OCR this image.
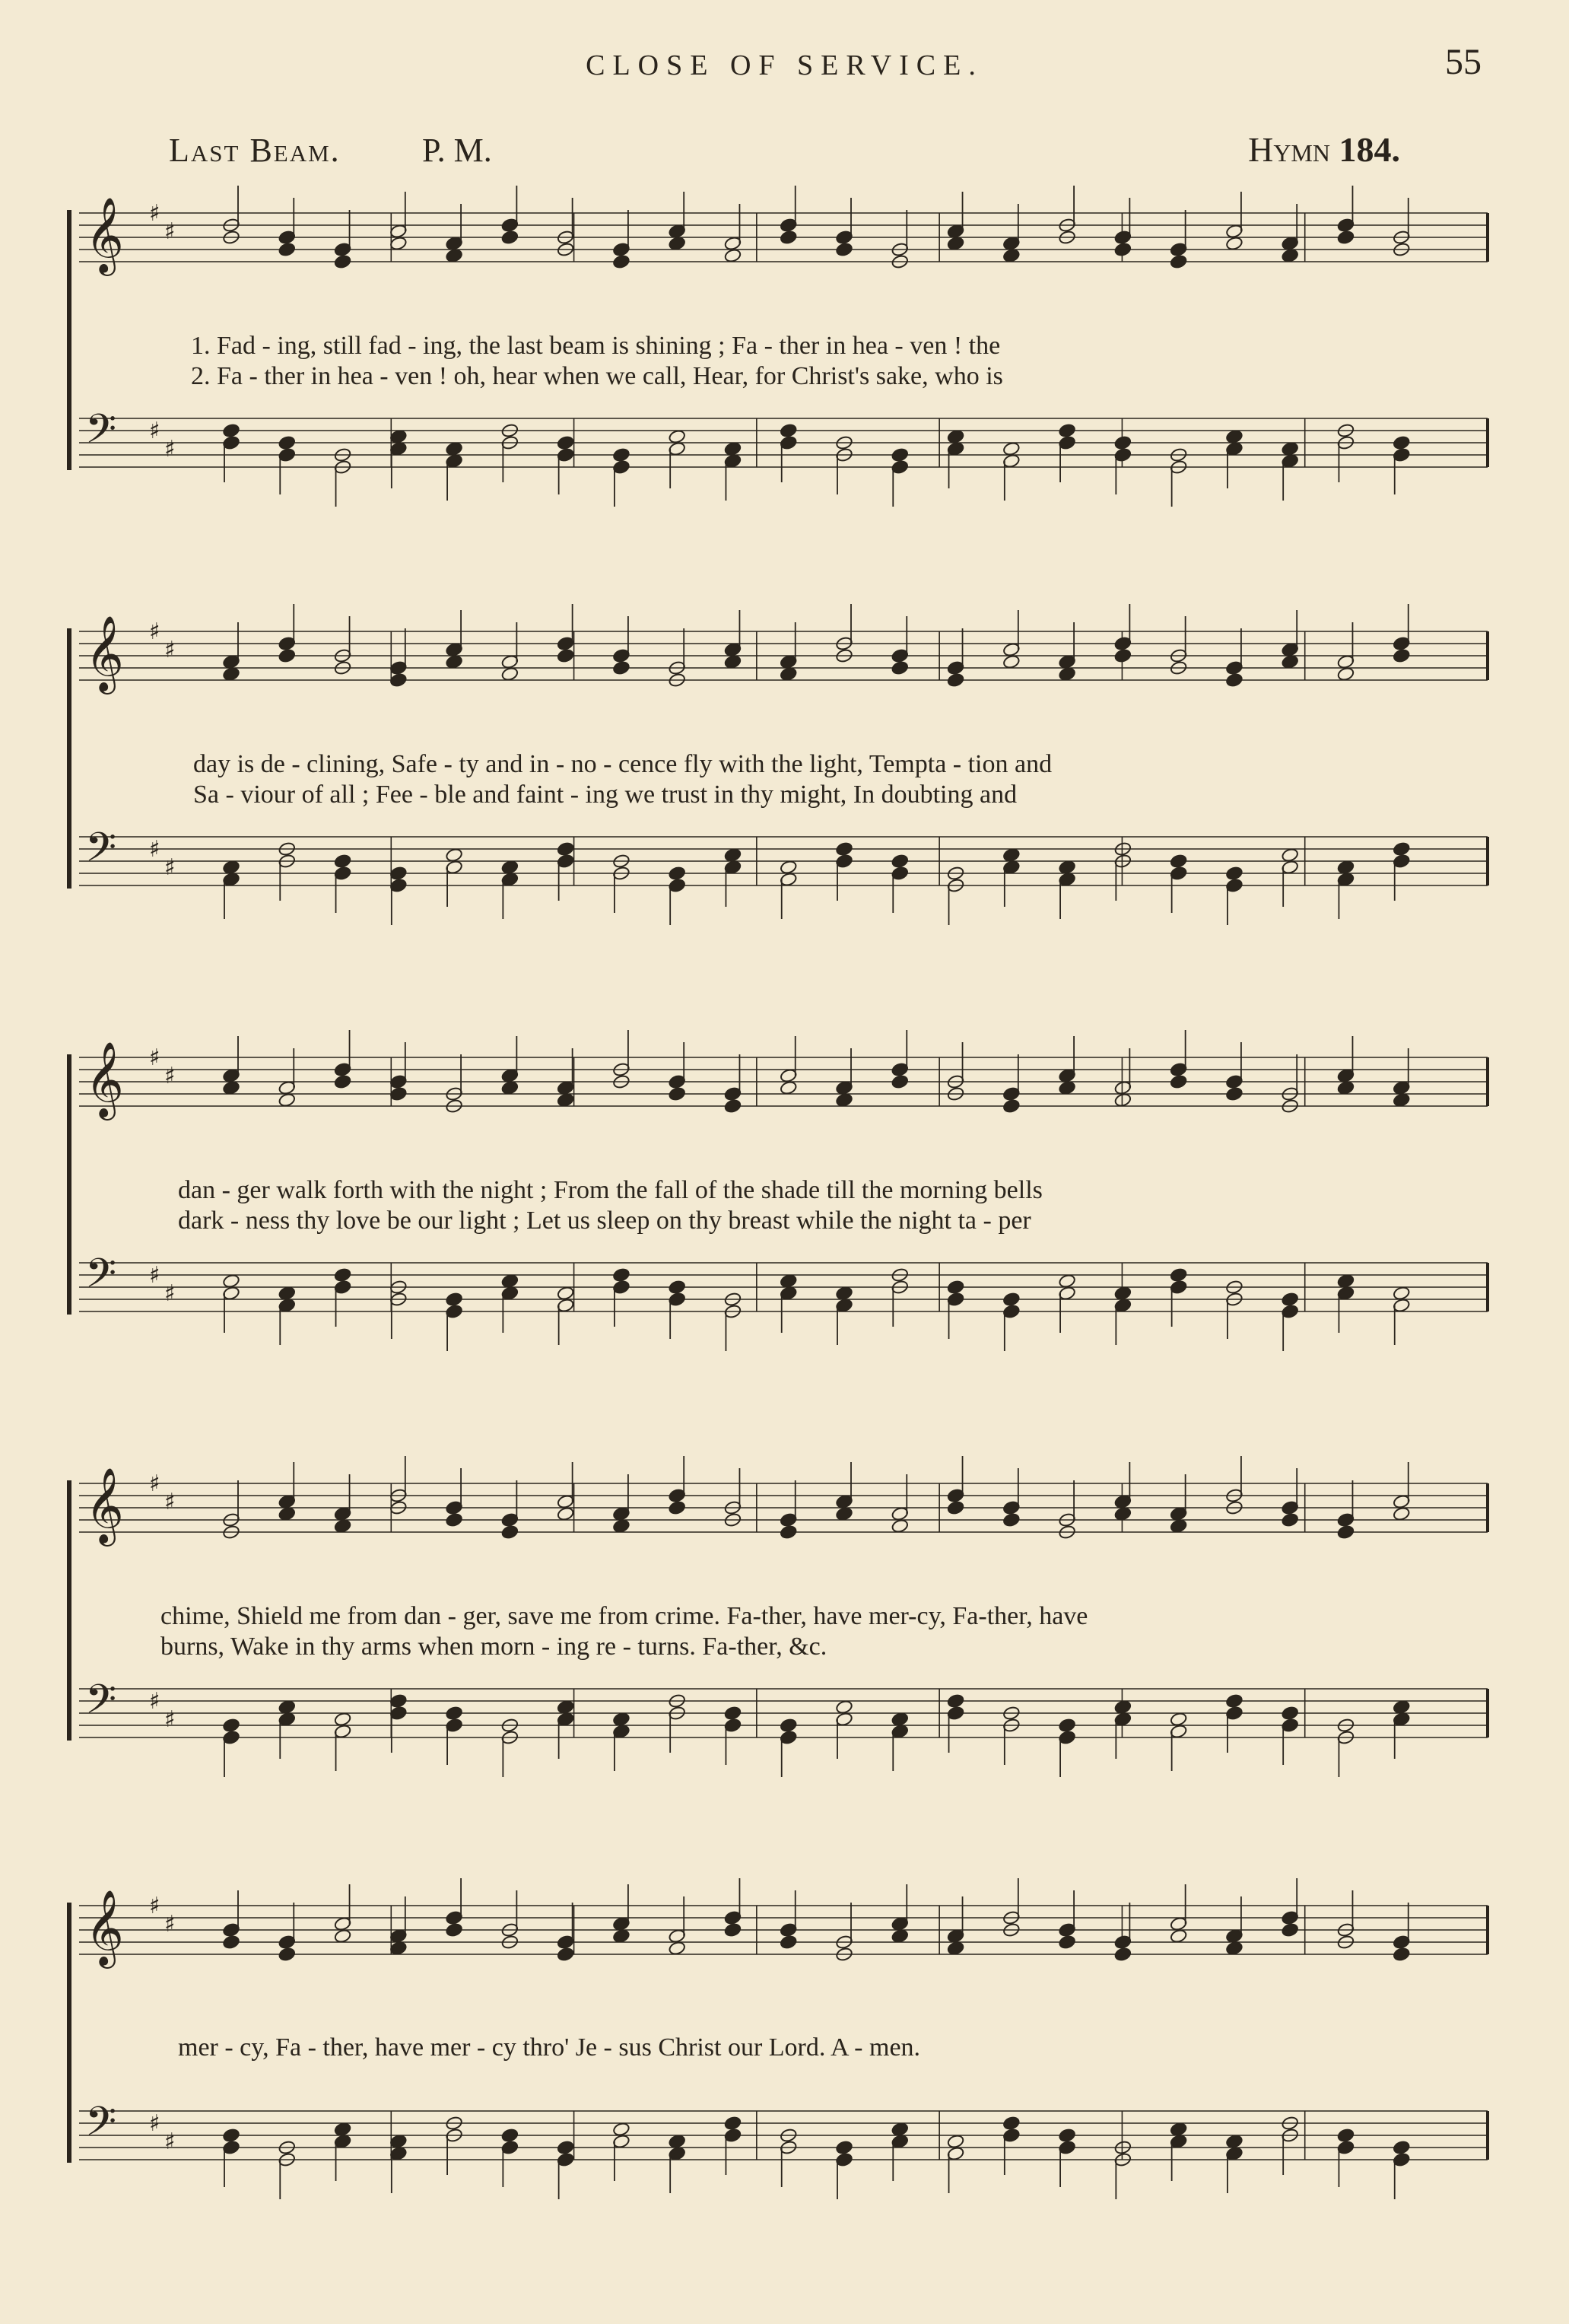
CLOSE OF SERVICE.	55
Last Beam. P. M.	Hymn 184.
𝄞 ♯
♯
𝄢 ♯
♯
1. Fad - ing, still fad - ing, the last beam is shining ; Fa - ther in hea - ven ! the
2. Fa - ther in hea - ven ! oh, hear when we call, Hear, for Christ's sake, who is
𝄞 ♯
♯
𝄢 ♯
♯
day is de - clining, Safe - ty and in - no - cence fly with the light, Tempta - tion and
Sa - viour of all ; Fee - ble and faint - ing we trust in thy might, In doubting and
𝄞 ♯
♯
𝄢 ♯
♯
dan - ger walk forth with the night ; From the fall of the shade till the morning bells
dark - ness thy love be our light ; Let us sleep on thy breast while the night ta - per
𝄞 ♯
♯
𝄢 ♯
♯
chime, Shield me from dan - ger, save me from crime. Fa-ther, have mer-cy, Fa-ther, have
burns, Wake in thy arms when morn - ing re - turns. Fa-ther, &c.
𝄞 ♯
♯
𝄢 ♯
♯
mer - cy, Fa - ther, have mer - cy thro' Je - sus Christ our Lord. A - men.
